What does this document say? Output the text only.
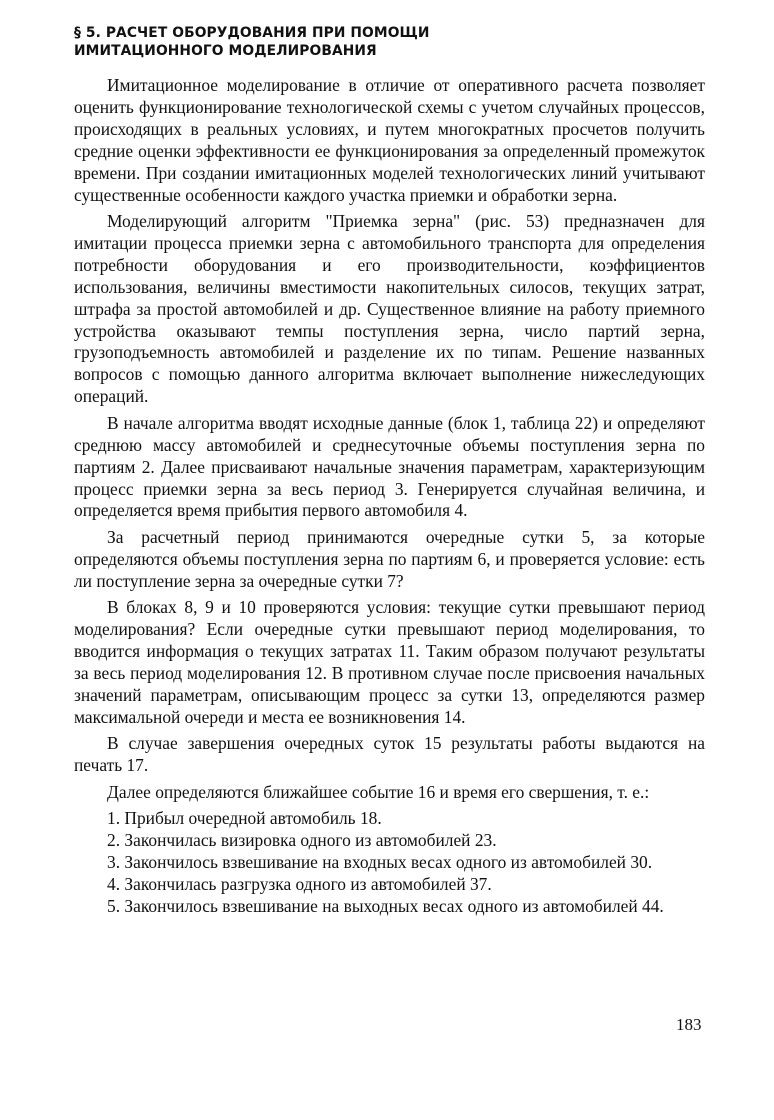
§ 5. РАСЧЕТ ОБОРУДОВАНИЯ ПРИ ПОМОЩИ
ИМИТАЦИОННОГО МОДЕЛИРОВАНИЯ

Имитационное моделирование в отличие от оперативного расчета позволяет оценить функционирование технологической схемы с учетом случайных процессов, происходящих в реальных условиях, и путем многократных просчетов получить средние оценки эффективности ее функционирования за определенный промежуток времени. При создании имитационных моделей технологических линий учитывают существенные особенности каждого участка приемки и обработки зерна.

Моделирующий алгоритм "Приемка зерна" (рис. 53) предназначен для имитации процесса приемки зерна с автомобильного транспорта для определения потребности оборудования и его производительности, коэффициентов использования, величины вместимости накопительных силосов, текущих затрат, штрафа за простой автомобилей и др. Существенное влияние на работу приемного устройства оказывают темпы поступления зерна, число партий зерна, грузоподъемность автомобилей и разделение их по типам. Решение названных вопросов с помощью данного алгоритма включает выполнение нижеследующих операций.

В начале алгоритма вводят исходные данные (блок 1, таблица 22) и определяют среднюю массу автомобилей и среднесуточные объемы поступления зерна по партиям 2. Далее присваивают начальные значения параметрам, характеризующим процесс приемки зерна за весь период 3. Генерируется случайная величина, и определяется время прибытия первого автомобиля 4.

За расчетный период принимаются очередные сутки 5, за которые определяются объемы поступления зерна по партиям 6, и проверяется условие: есть ли поступление зерна за очередные сутки 7?

В блоках 8, 9 и 10 проверяются условия: текущие сутки превышают период моделирования? Если очередные сутки превышают период моделирования, то вводится информация о текущих затратах 11. Таким образом получают результаты за весь период моделирования 12. В противном случае после присвоения начальных значений параметрам, описывающим процесс за сутки 13, определяются размер максимальной очереди и места ее возникновения 14.

В случае завершения очередных суток 15 результаты работы выдаются на печать 17.

Далее определяются ближайшее событие 16 и время его свершения, т. е.:

1. Прибыл очередной автомобиль 18.

2. Закончилась визировка одного из автомобилей 23.

3. Закончилось взвешивание на входных весах одного из автомобилей 30.

4. Закончилась разгрузка одного из автомобилей 37.

5. Закончилось взвешивание на выходных весах одного из автомобилей 44.

183
